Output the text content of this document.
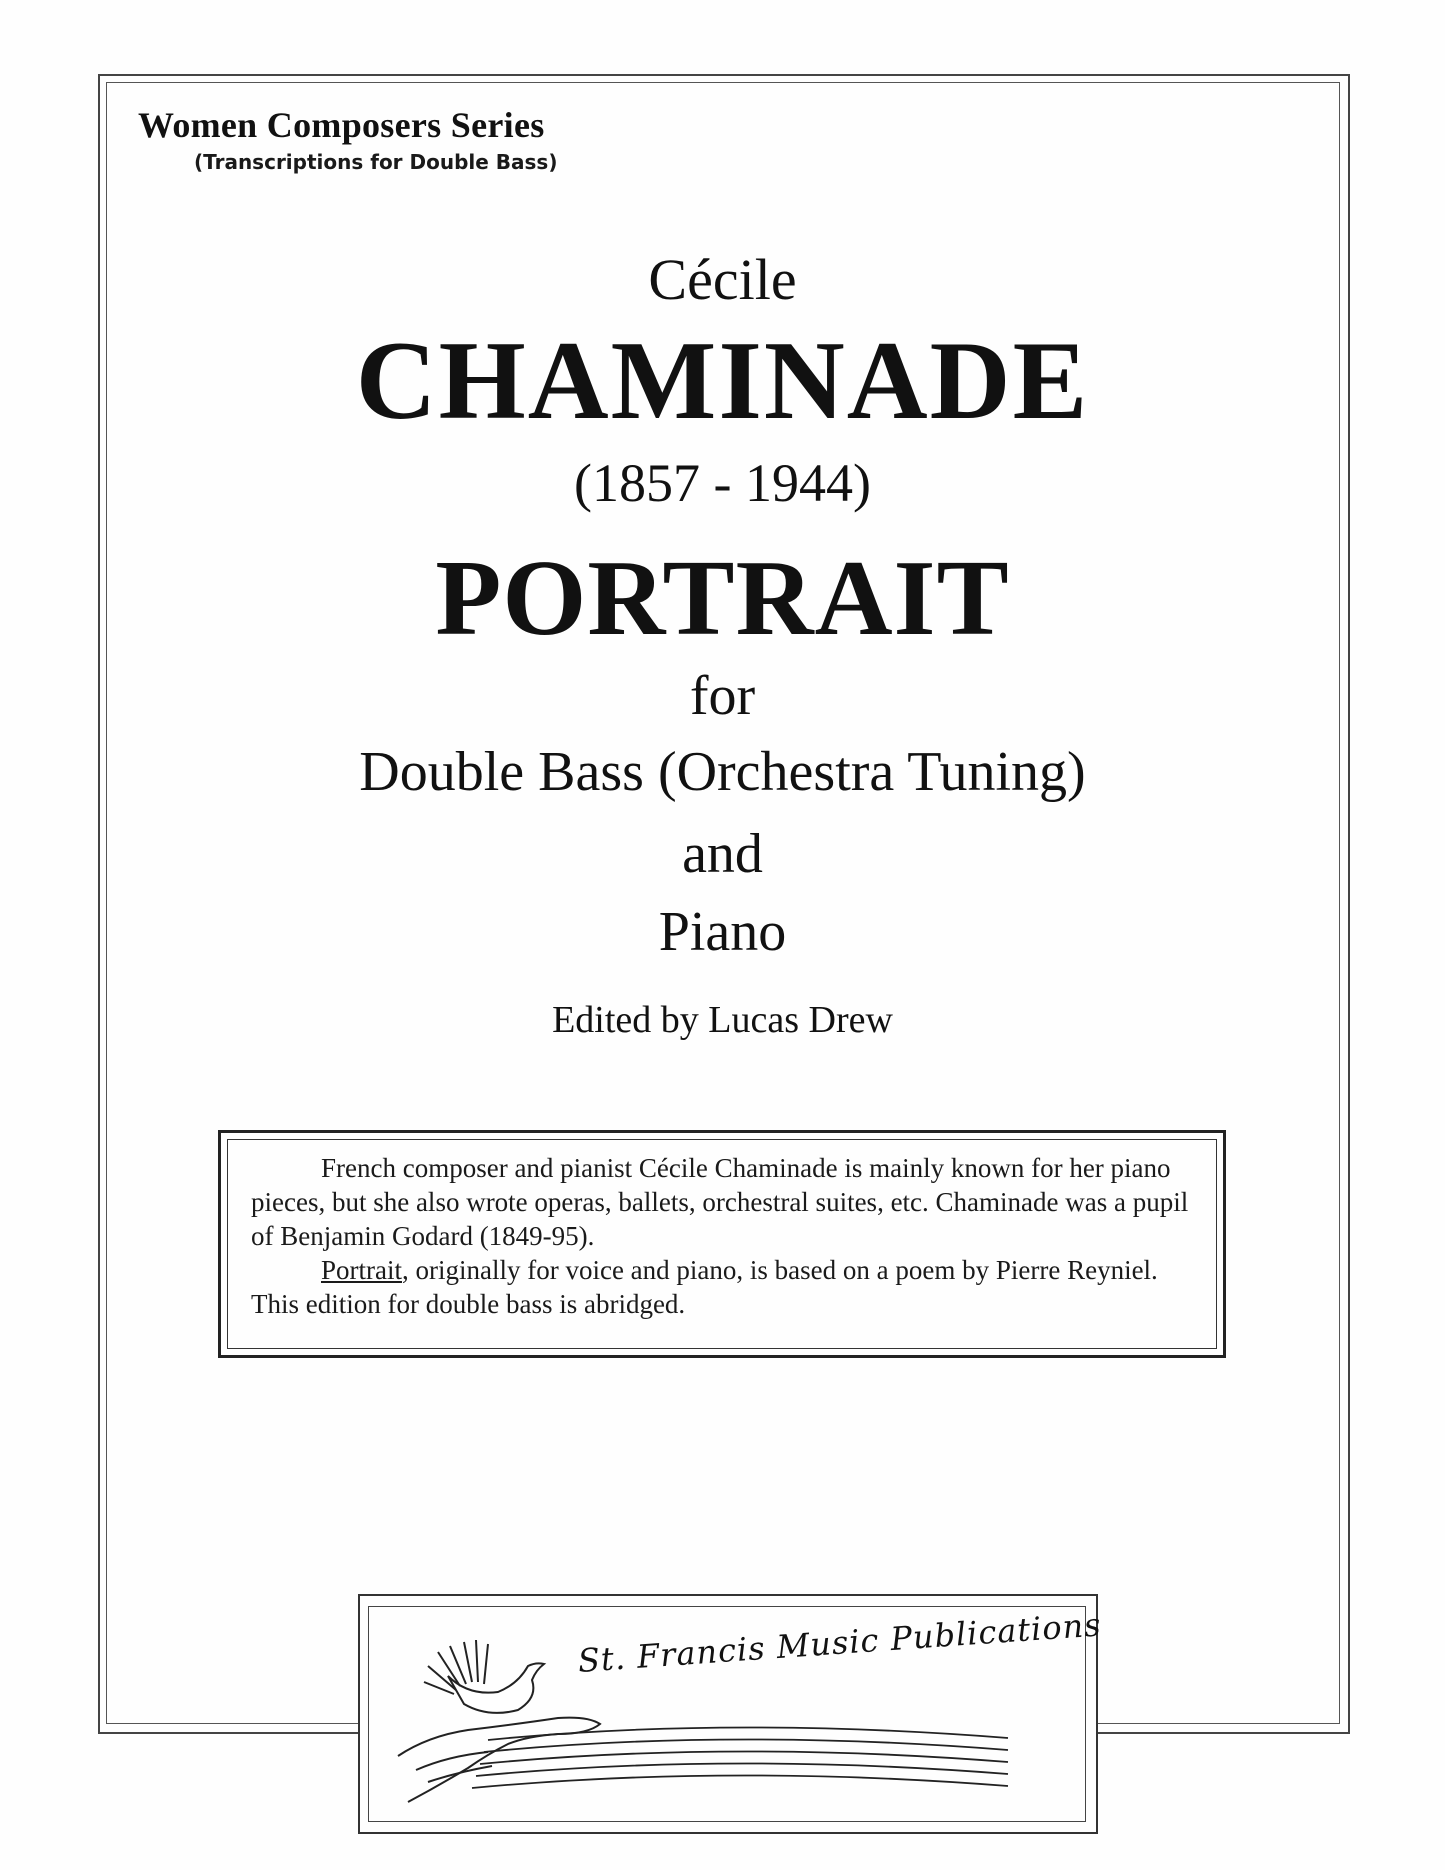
Women Composers Series
(Transcriptions for Double Bass)
Cécile
CHAMINADE
(1857 - 1944)
PORTRAIT
for
Double Bass (Orchestra Tuning)
and
Piano
Edited by Lucas Drew

French composer and pianist Cécile Chaminade is mainly known for her piano pieces, but she also wrote operas, ballets, orchestral suites, etc. Chaminade was a pupil of Benjamin Godard (1849-95).

Portrait, originally for voice and piano, is based on a poem by Pierre Reyniel. This edition for double bass is abridged.

St. Francis Music Publications
